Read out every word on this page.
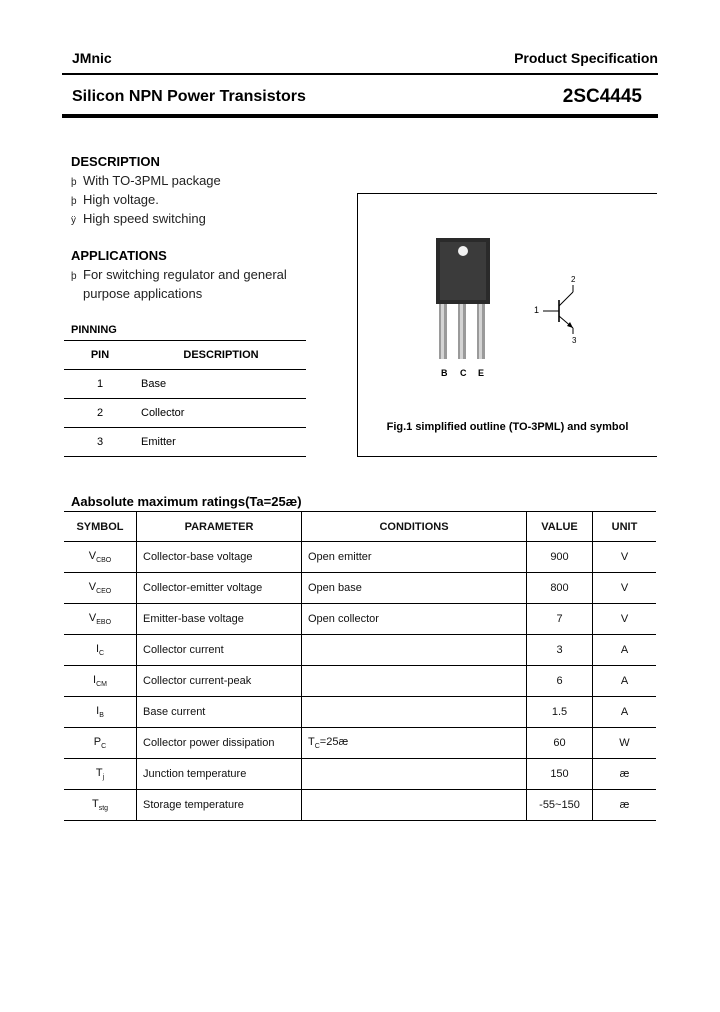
JMnic	Product Specification
Silicon NPN Power Transistors	2SC4445
DESCRIPTION
þ With TO-3PML package
þ High voltage.
ÿ High speed switching
APPLICATIONS
þ For switching regulator and general
purpose applications
PINNING
PIN	DESCRIPTION
1	Base
2	Collector
3	Emitter
B C E
1
2
3
Fig.1 simplified outline (TO-3PML) and symbol
Aabsolute maximum ratings(Ta=25æ)
SYMBOL	PARAMETER	CONDITIONS	VALUE	UNIT
$V_{CBO}$	Collector-base voltage	Open emitter	900	V
$V_{CEO}$	Collector-emitter voltage	Open base	800	V
$V_{EBO}$	Emitter-base voltage	Open collector	7	V
$I_C$	Collector current		3	A
$I_{CM}$	Collector current-peak		6	A
$I_B$	Base current		1.5	A
$P_C$	Collector power dissipation	$T_C=25æ$	60	W
$T_j$	Junction temperature		150	æ
$T_{stg}$	Storage temperature		-55~150	æ
